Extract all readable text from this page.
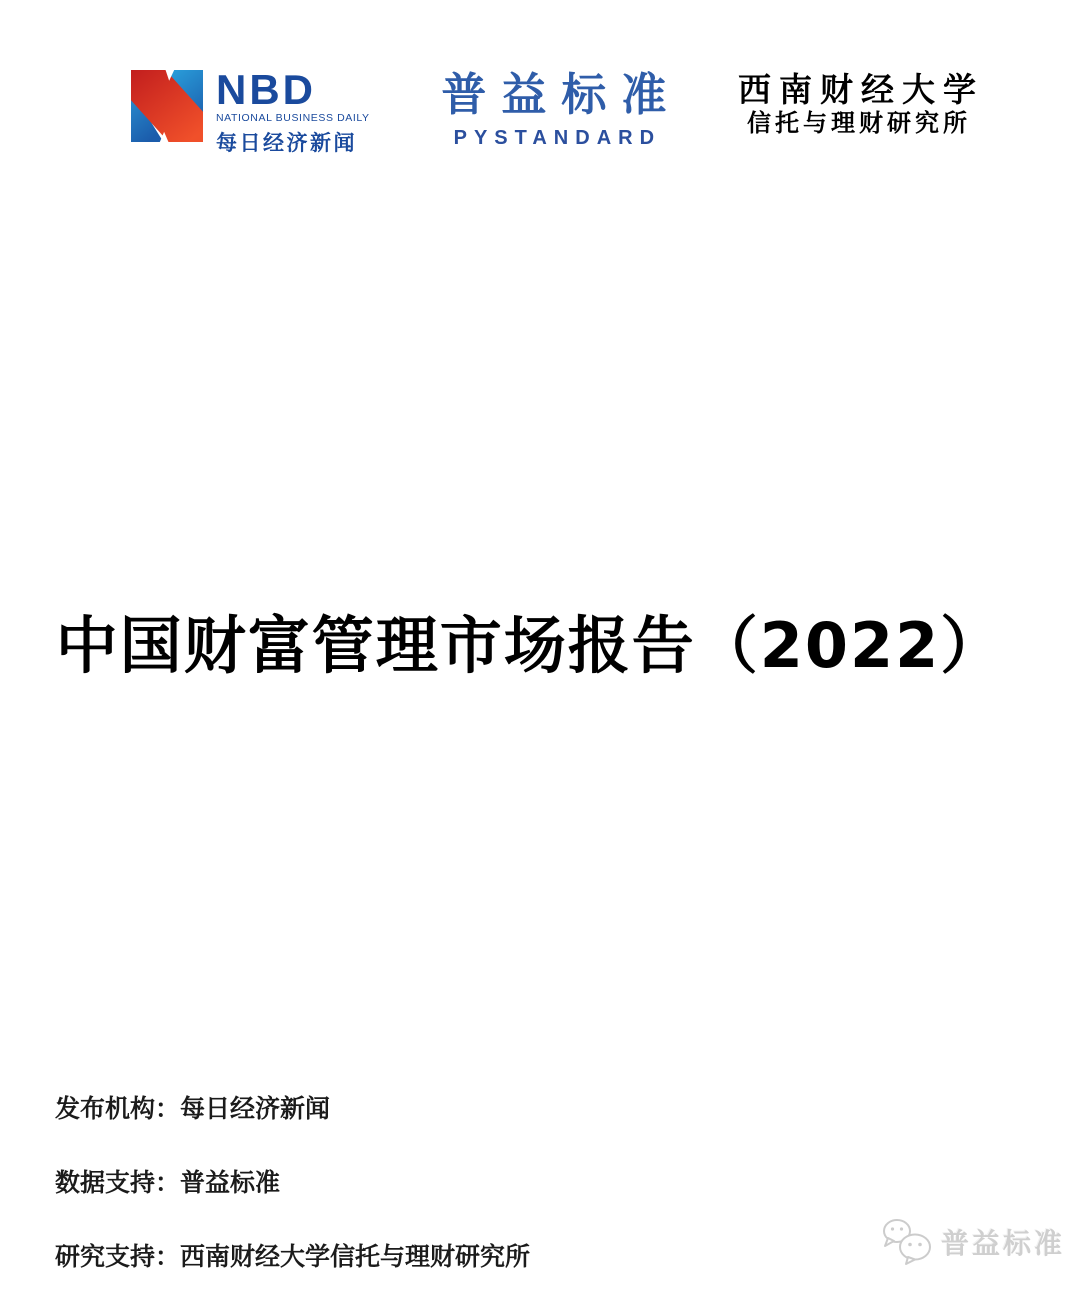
NBD
NATIONAL BUSINESS DAILY
每日经济新闻
普益标准
PYSTANDARD
西南财经大学
信托与理财研究所
中国财富管理市场报告（2022）
发布机构：每日经济新闻
数据支持：普益标准
研究支持：西南财经大学信托与理财研究所	普益标准
